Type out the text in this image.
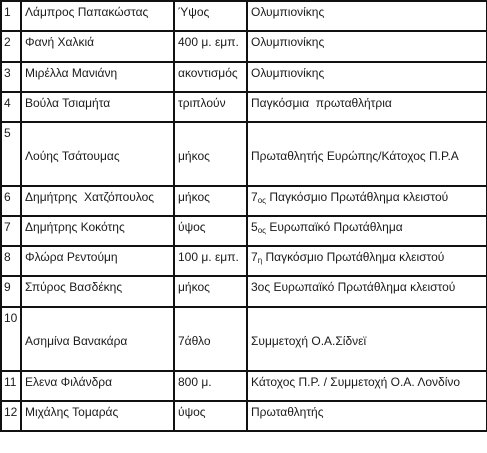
1	Λάμπρος Παπακώστας	Ύψος	Ολυμπιονίκης
2	Φανή Χαλκιά	400 μ. εμπ.	Ολυμπιονίκης
3	Μιρέλλα Μανιάνη	ακοντισμός	Ολυμπιονίκης
4	Βούλα Τσιαμήτα	τριπλούν	Παγκόσμια  πρωταθλήτρια
5	Λούης Τσάτουμας	μήκος	Πρωταθλητής Ευρώπης/Κάτοχος Π.Ρ.Α
6	Δημήτρης  Χατζόπουλος	μήκος	$7_{o\varsigma}$ Παγκόσμιο Πρωτάθλημα κλειστού
7	Δημήτρης Κοκότης	ύψος	$5_{o\varsigma}$ Ευρωπαϊκό Πρωτάθλημα
8	Φλώρα Ρεντούμη	100 μ. εμπ.	$7_\eta$ Παγκόσμιο Πρωτάθλημα κλειστού
9	Σπύρος Βασδέκης	μήκος	3ος Ευρωπαϊκό Πρωτάθλημα κλειστού
10	Ασημίνα Βανακάρα	7άθλο	Συμμετοχή Ο.Α.Σίδνεϊ
11	Ελενα Φιλάνδρα	800 μ.	Κάτοχος Π.Ρ. / Συμμετοχή Ο.Α. Λονδίνο
12	Μιχάλης Τομαράς	ύψος	Πρωταθλητής
